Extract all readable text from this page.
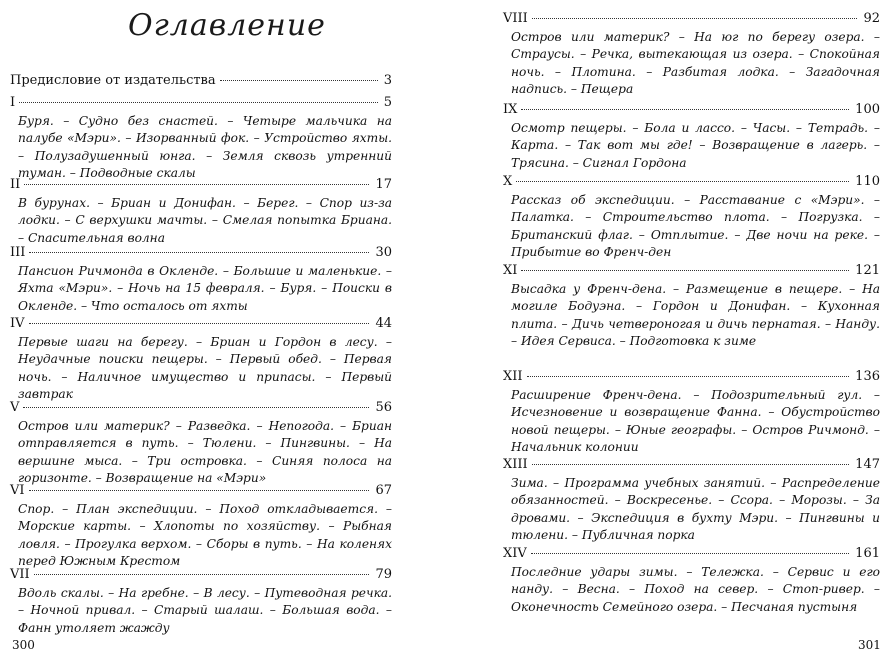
Оглавление
Предисловие от издательства	3
I	5

Буря. – Судно без снастей. – Четыре мальчика на палубе «Мэри». – Изорванный фок. – Устройство яхты. – Полузадушенный юнга. – Земля сквозь утренний туман. – Подводные скалы

II	17

В бурунах. – Бриан и Донифан. – Берег. – Спор из-за лодки. – С верхушки мачты. – Смелая попытка Бриана. – Спасительная волна

III	30

Пансион Ричмонда в Окленде. – Большие и маленькие. – Яхта «Мэри». – Ночь на 15 февраля. – Буря. – Поиски в Окленде. – Что осталось от яхты

IV	44

Первые шаги на берегу. – Бриан и Гордон в лесу. – Неудачные поиски пещеры. – Первый обед. – Первая ночь. – Наличное имущество и припасы. – Первый завтрак

V	56

Остров или материк? – Разведка. – Непогода. – Бриан отправляется в путь. – Тюлени. – Пингвины. – На вершине мыса. – Три островка. – Синяя полоса на горизонте. – Возвращение на «Мэри»

VI	67

Спор. – План экспедиции. – Поход откладывается. – Морские карты. – Хлопоты по хозяйству. – Рыбная ловля. – Прогулка верхом. – Сборы в путь. – На коленях перед Южным Крестом

VII	79

Вдоль скалы. – На гребне. – В лесу. – Путеводная речка. – Ночной привал. – Старый шалаш. – Большая вода. – Фанн утоляет жажду

VIII	92

Остров или материк? – На юг по берегу озера. – Страусы. – Речка, вытекающая из озера. – Спокойная ночь. – Плотина. – Разбитая лодка. – Загадочная надпись. – Пещера

IX	100

Осмотр пещеры. – Бола и лассо. – Часы. – Тетрадь. – Карта. – Так вот мы где! – Возвращение в лагерь. – Трясина. – Сигнал Гордона

X	110

Рассказ об экспедиции. – Расставание с «Мэри». – Палатка. – Строительство плота. – Погрузка. – Британский флаг. – Отплытие. – Две ночи на реке. – Прибытие во Френч-ден

XI	121

Высадка у Френч-дена. – Размещение в пещере. – На могиле Бодуэна. – Гордон и Донифан. – Кухонная плита. – Дичь четвероногая и дичь пернатая. – Нанду. – Идея Сервиса. – Подготовка к зиме

XII	136

Расширение Френч-дена. – Подозрительный гул. – Исчезновение и возвращение Фанна. – Обустройство новой пещеры. – Юные географы. – Остров Ричмонд. – Начальник колонии

XIII	147

Зима. – Программа учебных занятий. – Распределение обязанностей. – Воскресенье. – Ссора. – Морозы. – За дровами. – Экспедиция в бухту Мэри. – Пингвины и тюлени. – Публичная порка

XIV	161

Последние удары зимы. – Тележка. – Сервис и его нанду. – Весна. – Поход на север. – Стоп-ривер. – Оконечность Семейного озера. – Песчаная пустыня

300	301
